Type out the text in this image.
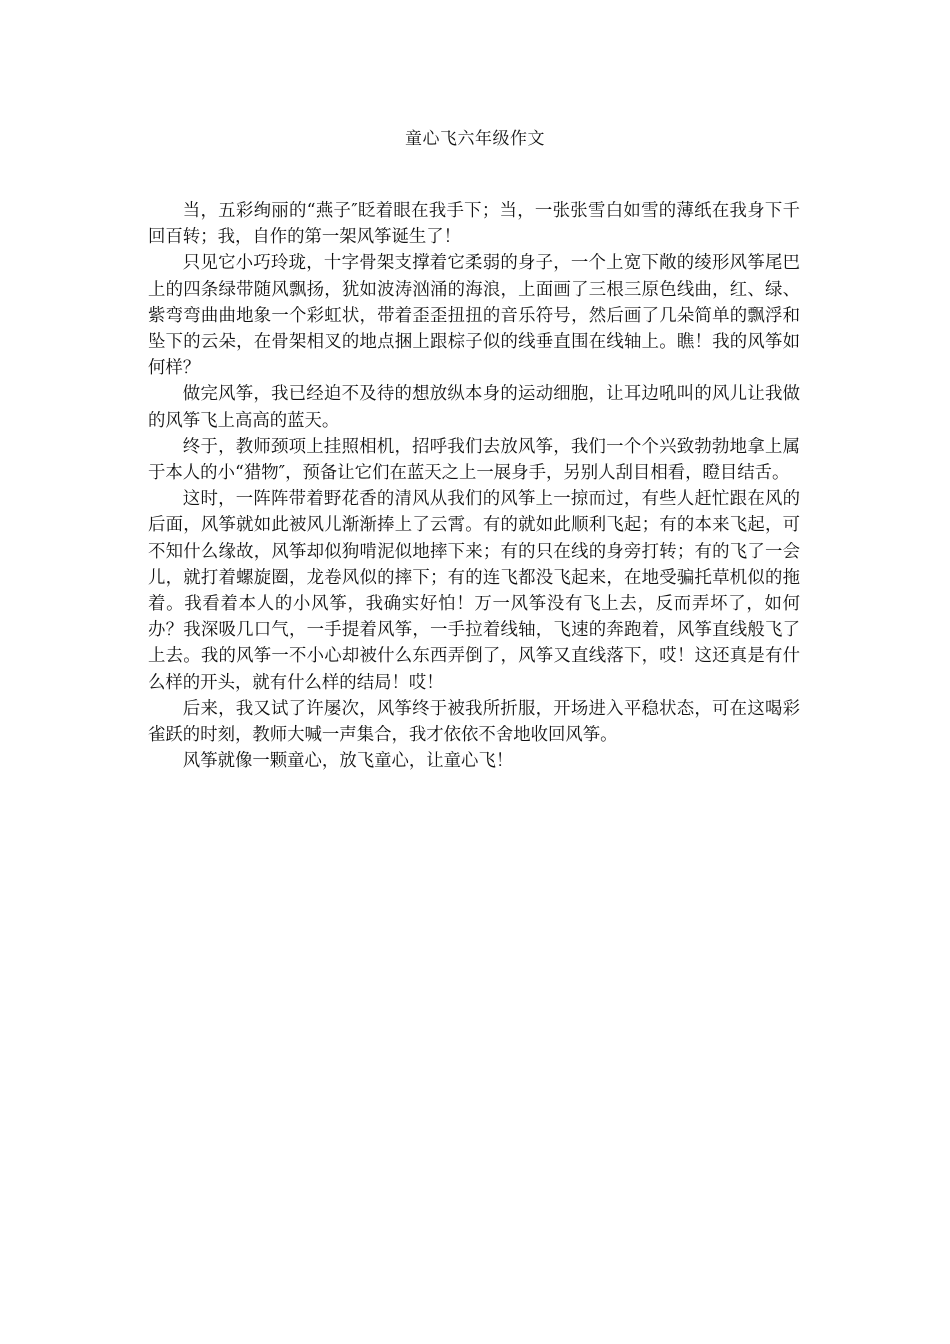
童心飞六年级作文

当，五彩绚丽的“燕子″眨着眼在我手下；当，一张张雪白如雪的薄纸在我身下千回百转；我，自作的第一架风筝诞生了！

只见它小巧玲珑，十字骨架支撑着它柔弱的身子，一个上宽下敞的绫形风筝尾巴上的四条绿带随风飘扬，犹如波涛汹涌的海浪，上面画了三根三原色线曲，红、绿、紫弯弯曲曲地象一个彩虹状，带着歪歪扭扭的音乐符号，然后画了几朵简单的飘浮和坠下的云朵，在骨架相叉的地点捆上跟棕子似的线垂直围在线轴上。瞧！我的风筝如何样？

做完风筝，我已经迫不及待的想放纵本身的运动细胞，让耳边吼叫的风儿让我做的风筝飞上高高的蓝天。

终于，教师颈项上挂照相机，招呼我们去放风筝，我们一个个兴致勃勃地拿上属于本人的小“猎物″，预备让它们在蓝天之上一展身手，另别人刮目相看，瞪目结舌。

这时，一阵阵带着野花香的清风从我们的风筝上一掠而过，有些人赶忙跟在风的后面，风筝就如此被风儿渐渐捧上了云霄。有的就如此顺利飞起；有的本来飞起，可不知什么缘故，风筝却似狗啃泥似地摔下来；有的只在线的身旁打转；有的飞了一会儿，就打着螺旋圈，龙卷风似的摔下；有的连飞都没飞起来，在地受骗托草机似的拖着。我看着本人的小风筝，我确实好怕！万一风筝没有飞上去，反而弄坏了，如何办？我深吸几口气，一手提着风筝，一手拉着线轴，飞速的奔跑着，风筝直线般飞了上去。我的风筝一不小心却被什么东西弄倒了，风筝又直线落下，哎！这还真是有什么样的开头，就有什么样的结局！哎！

后来，我又试了许屡次，风筝终于被我所折服，开场进入平稳状态，可在这喝彩雀跃的时刻，教师大喊一声集合，我才依依不舍地收回风筝。

风筝就像一颗童心，放飞童心，让童心飞！
